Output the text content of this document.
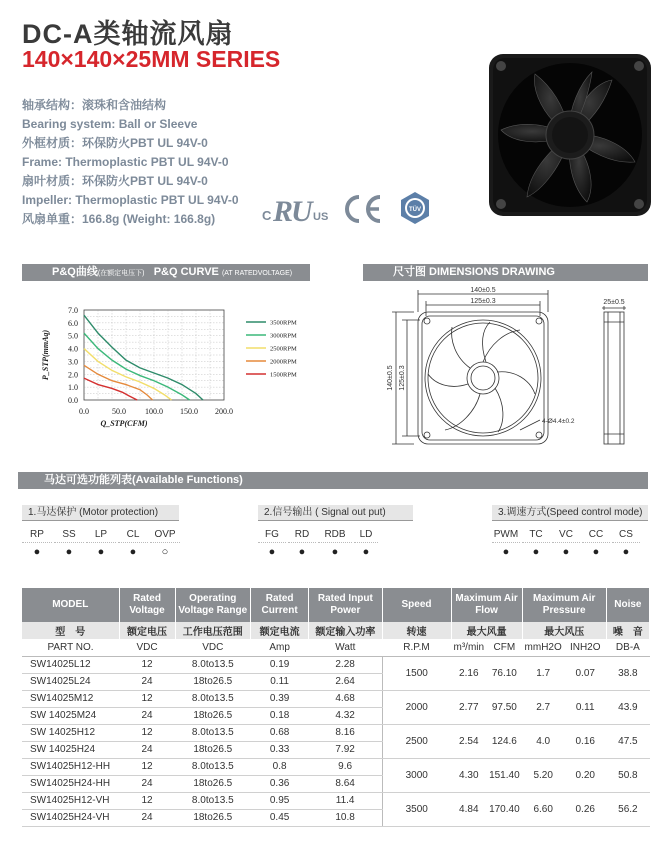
DC-A类轴流风扇
140×140×25MM SERIES
轴承结构：滚珠和含油结构
Bearing system: Ball or Sleeve
外框材质：环保防火PBT UL 94V-0
Frame: Thermoplastic PBT UL 94V-0
扇叶材质：环保防火PBT UL 94V-0
Impeller: Thermoplastic PBT UL 94V-0
风扇单重：166.8g (Weight: 166.8g)	C R
U US
TÜV
P&Q曲线(在额定电压下) P&Q CURVE (AT RATEDVOLTAGE)	尺寸图 DIMENSIONS DRAWING
0.0
1.0
2.0
3.0
4.0
5.0
6.0
7.0
0.0	50.0 100.0 150.0 200.0
Q_STP(CFM)
P_STP(mmAq)
3500RPM
3000RPM
2500RPM
2000RPM
1500RPM
140±0.5
125±0.3
140±0.5 125±0.3
4-Ø4.4±0.2
25±0.5
马达可选功能列表(Available Functions)
1.马达保护 (Motor protection)
RP	SS	LP	CL	OVP
●	●	●	●	○
2.信号输出 ( Signal out put)
FG	RD	RDB	LD
●	●	●	●
3.调速方式(Speed control mode)
PWM	TC	VC	CC	CS
●	●	●	●	●
MODEL	Rated Voltage	Operating Voltage Range	Rated Current	Rated Input Power	Speed	Maximum Air Flow		Maximum Air Pressure		Noise
型　号	额定电压	工作电压范围	额定电流	额定输入功率	转速	最大风量		最大风压		噪　音
PART NO.	VDC	VDC	Amp	Watt	R.P.M	m³/min	CFM	mmH2O	INH2O	DB-A
SW14025L12	12	8.0to13.5	0.19	2.28	1500	2.16	76.10	1.7	0.07	38.8
SW14025L24	24	18to26.5	0.11	2.64						
SW14025M12	12	8.0to13.5	0.39	4.68	2000	2.77	97.50	2.7	0.11	43.9
SW 14025M24	24	18to26.5	0.18	4.32						
SW 14025H12	12	8.0to13.5	0.68	8.16	2500	2.54	124.6	4.0	0.16	47.5
SW 14025H24	24	18to26.5	0.33	7.92						
SW14025H12-HH	12	8.0to13.5	0.8	9.6	3000	4.30	151.40	5.20	0.20	50.8
SW14025H24-HH	24	18to26.5	0.36	8.64						
SW14025H12-VH	12	8.0to13.5	0.95	11.4	3500	4.84	170.40	6.60	0.26	56.2
SW14025H24-VH	24	18to26.5	0.45	10.8						
